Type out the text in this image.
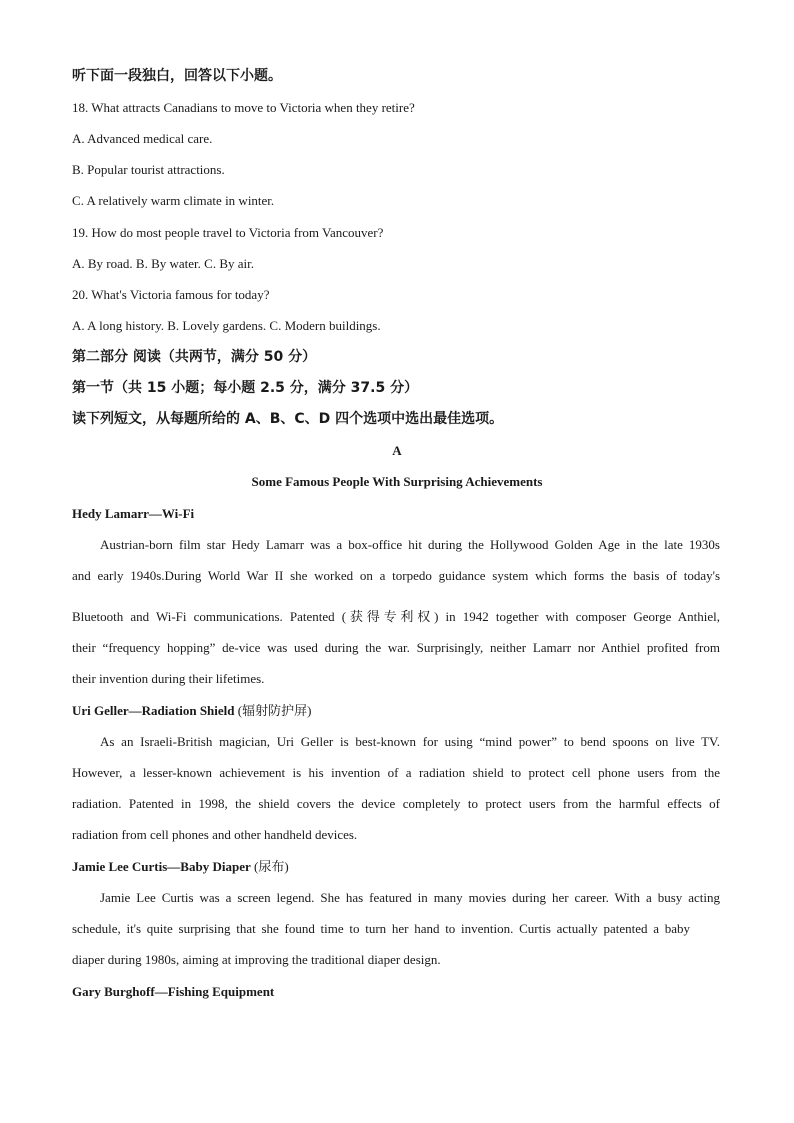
听下面一段独白，回答以下小题。
18. What attracts Canadians to move to Victoria when they retire?
A. Advanced medical care.
B. Popular tourist attractions.
C. A relatively warm climate in winter.
19. How do most people travel to Victoria from Vancouver?
A. By road. B. By water. C. By air.
20. What's Victoria famous for today?
A. A long history. B. Lovely gardens. C. Modern buildings.
第二部分 阅读（共两节，满分 50 分）
第一节（共 15 小题；每小题 2.5 分，满分 37.5 分）
读下列短文，从每题所给的 A、B、C、D 四个选项中选出最佳选项。
A
Some Famous People With Surprising Achievements
Hedy Lamarr—Wi-Fi
Austrian-born film star Hedy Lamarr was a box-office hit during the Hollywood Golden Age in the late 1930s
and early 1940s.During World War II she worked on a torpedo guidance system which forms the basis of today's
Bluetooth and Wi-Fi communications. Patented (获得专利权) in 1942 together with composer George Anthiel,
their “frequency hopping” de-vice was used during the war. Surprisingly, neither Lamarr nor Anthiel profited from
their invention during their lifetimes.
Uri Geller—Radiation Shield (辐射防护屏)
As an Israeli-British magician, Uri Geller is best-known for using “mind power” to bend spoons on live TV.
However, a lesser-known achievement is his invention of a radiation shield to protect cell phone users from the
radiation. Patented in 1998, the shield covers the device completely to protect users from the harmful effects of
radiation from cell phones and other handheld devices.
Jamie Lee Curtis—Baby Diaper (尿布)
Jamie Lee Curtis was a screen legend. She has featured in many movies during her career. With a busy acting
schedule, it's quite surprising that she found time to turn her hand to invention. Curtis actually patented a baby
diaper during 1980s, aiming at improving the traditional diaper design.
Gary Burghoff—Fishing Equipment
